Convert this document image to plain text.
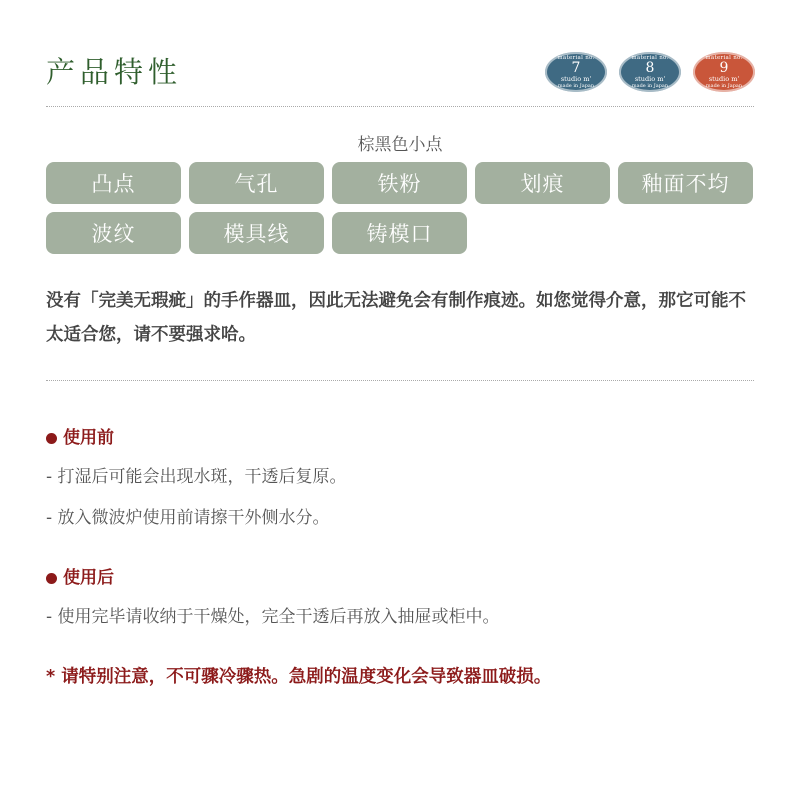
产品特性	material no.
7
studio m'
made in Japan
material no.
8
studio m'
made in Japan
material no.
9
studio m'
made in Japan

棕黑色小点

凸点	气孔	铁粉	划痕	釉面不均
波纹	模具线	铸模口

没有「完美无瑕疵」的手作器皿，因此无法避免会有制作痕迹。如您觉得介意，那它可能不太适合您，请不要强求哈。

使用前

- 打湿后可能会出现水斑，干透后复原。

- 放入微波炉使用前请擦干外侧水分。

使用后

- 使用完毕请收纳于干燥处，完全干透后再放入抽屉或柜中。

* 请特别注意，不可骤冷骤热。急剧的温度变化会导致器皿破损。
